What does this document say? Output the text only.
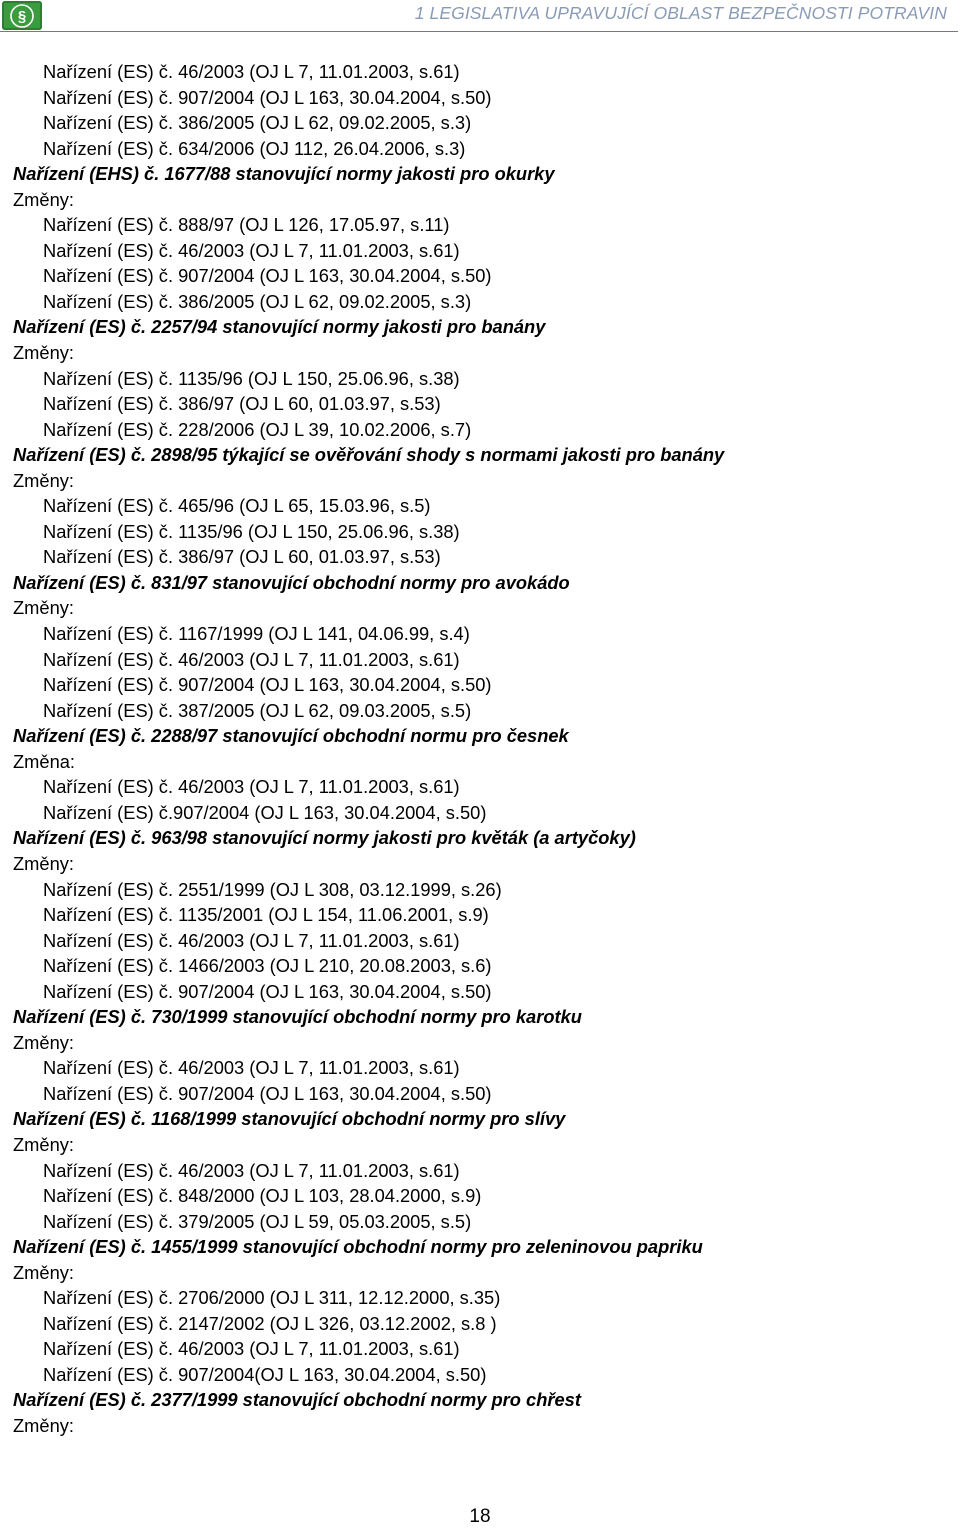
§	1 LEGISLATIVA UPRAVUJÍCÍ OBLAST BEZPEČNOSTI POTRAVIN
Nařízení (ES) č. 46/2003 (OJ L 7, 11.01.2003, s.61)
Nařízení (ES) č. 907/2004 (OJ L 163, 30.04.2004, s.50)
Nařízení (ES) č. 386/2005 (OJ L 62, 09.02.2005, s.3)
Nařízení (ES) č. 634/2006 (OJ 112, 26.04.2006, s.3)
Nařízení (EHS) č. 1677/88 stanovující normy jakosti pro okurky
Změny:
Nařízení (ES) č. 888/97 (OJ L 126, 17.05.97, s.11)
Nařízení (ES) č. 46/2003 (OJ L 7, 11.01.2003, s.61)
Nařízení (ES) č. 907/2004 (OJ L 163, 30.04.2004, s.50)
Nařízení (ES) č. 386/2005 (OJ L 62, 09.02.2005, s.3)
Nařízení (ES) č. 2257/94 stanovující normy jakosti pro banány
Změny:
Nařízení (ES) č. 1135/96 (OJ L 150, 25.06.96, s.38)
Nařízení (ES) č. 386/97 (OJ L 60, 01.03.97, s.53)
Nařízení (ES) č. 228/2006 (OJ L 39, 10.02.2006, s.7)
Nařízení (ES) č. 2898/95 týkající se ověřování shody s normami jakosti pro banány
Změny:
Nařízení (ES) č. 465/96 (OJ L 65, 15.03.96, s.5)
Nařízení (ES) č. 1135/96 (OJ L 150, 25.06.96, s.38)
Nařízení (ES) č. 386/97 (OJ L 60, 01.03.97, s.53)
Nařízení (ES) č. 831/97 stanovující obchodní normy pro avokádo
Změny:
Nařízení (ES) č. 1167/1999 (OJ L 141, 04.06.99, s.4)
Nařízení (ES) č. 46/2003 (OJ L 7, 11.01.2003, s.61)
Nařízení (ES) č. 907/2004 (OJ L 163, 30.04.2004, s.50)
Nařízení (ES) č. 387/2005 (OJ L 62, 09.03.2005, s.5)
Nařízení (ES) č. 2288/97 stanovující obchodní normu pro česnek
Změna:
Nařízení (ES) č. 46/2003 (OJ L 7, 11.01.2003, s.61)
Nařízení (ES) č.907/2004 (OJ L 163, 30.04.2004, s.50)
Nařízení (ES) č. 963/98 stanovující normy jakosti pro květák (a artyčoky)
Změny:
Nařízení (ES) č. 2551/1999 (OJ L 308, 03.12.1999, s.26)
Nařízení (ES) č. 1135/2001 (OJ L 154, 11.06.2001, s.9)
Nařízení (ES) č. 46/2003 (OJ L 7, 11.01.2003, s.61)
Nařízení (ES) č. 1466/2003 (OJ L 210, 20.08.2003, s.6)
Nařízení (ES) č. 907/2004 (OJ L 163, 30.04.2004, s.50)
Nařízení (ES) č. 730/1999 stanovující obchodní normy pro karotku
Změny:
Nařízení (ES) č. 46/2003 (OJ L 7, 11.01.2003, s.61)
Nařízení (ES) č. 907/2004 (OJ L 163, 30.04.2004, s.50)
Nařízení (ES) č. 1168/1999 stanovující obchodní normy pro slívy
Změny:
Nařízení (ES) č. 46/2003 (OJ L 7, 11.01.2003, s.61)
Nařízení (ES) č. 848/2000 (OJ L 103, 28.04.2000, s.9)
Nařízení (ES) č. 379/2005 (OJ L 59, 05.03.2005, s.5)
Nařízení (ES) č. 1455/1999 stanovující obchodní normy pro zeleninovou papriku
Změny:
Nařízení (ES) č. 2706/2000 (OJ L 311, 12.12.2000, s.35)
Nařízení (ES) č. 2147/2002 (OJ L 326, 03.12.2002, s.8 )
Nařízení (ES) č. 46/2003 (OJ L 7, 11.01.2003, s.61)
Nařízení (ES) č. 907/2004(OJ L 163, 30.04.2004, s.50)
Nařízení (ES) č. 2377/1999 stanovující obchodní normy pro chřest
Změny:
18
